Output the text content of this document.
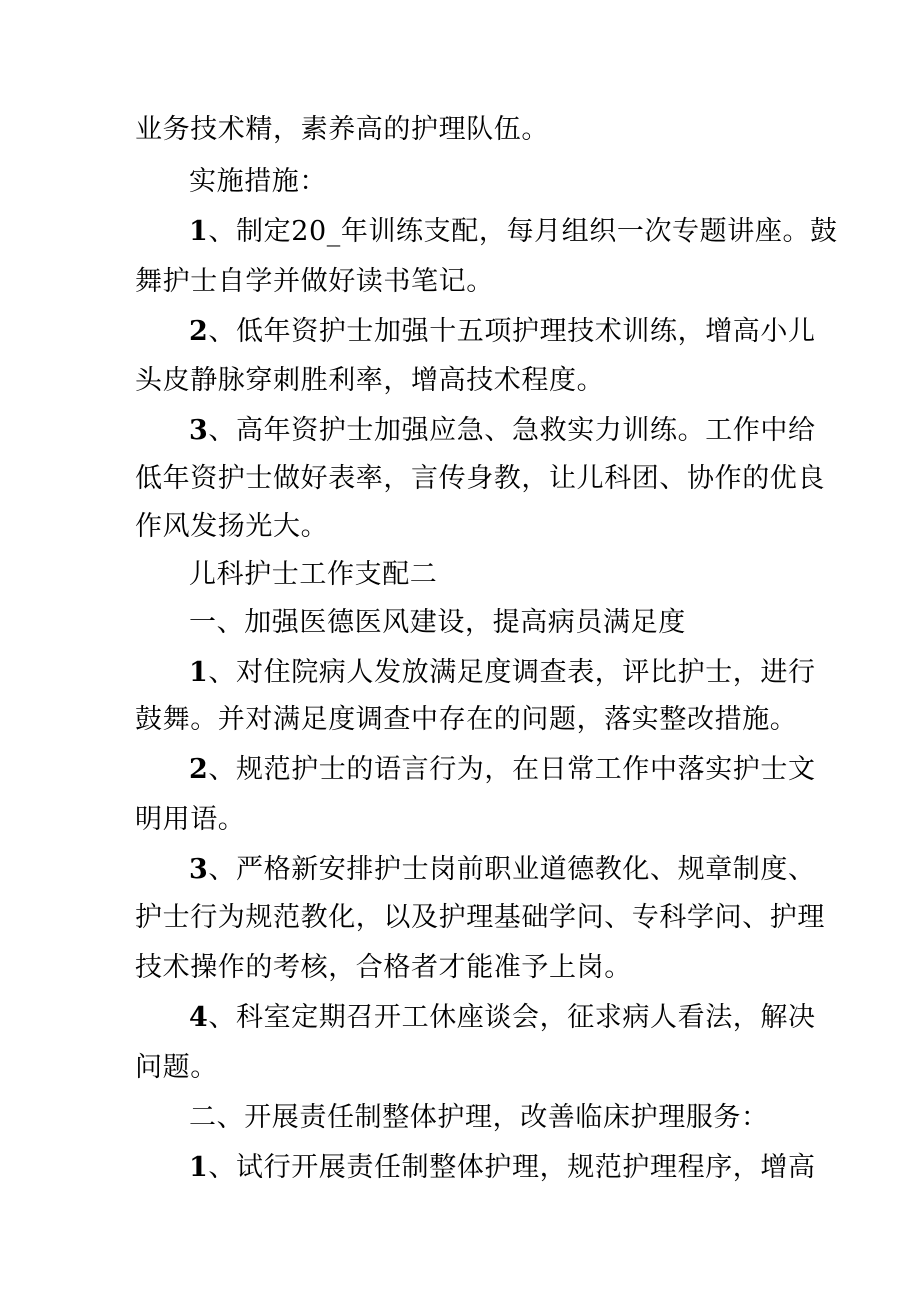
业务技术精，素养高的护理队伍。
实施措施：
1、制定20_年训练支配，每月组织一次专题讲座。鼓
舞护士自学并做好读书笔记。
2、低年资护士加强十五项护理技术训练，增高小儿
头皮静脉穿刺胜利率，增高技术程度。
3、高年资护士加强应急、急救实力训练。工作中给
低年资护士做好表率，言传身教，让儿科团、协作的优良
作风发扬光大。
儿科护士工作支配二
一、加强医德医风建设，提高病员满足度
1、对住院病人发放满足度调查表，评比护士，进行
鼓舞。并对满足度调查中存在的问题，落实整改措施。
2、规范护士的语言行为，在日常工作中落实护士文
明用语。
3、严格新安排护士岗前职业道德教化、规章制度、
护士行为规范教化，以及护理基础学问、专科学问、护理
技术操作的考核，合格者才能准予上岗。
4、科室定期召开工休座谈会，征求病人看法，解决
问题。
二、开展责任制整体护理，改善临床护理服务：
1、试行开展责任制整体护理，规范护理程序，增高
